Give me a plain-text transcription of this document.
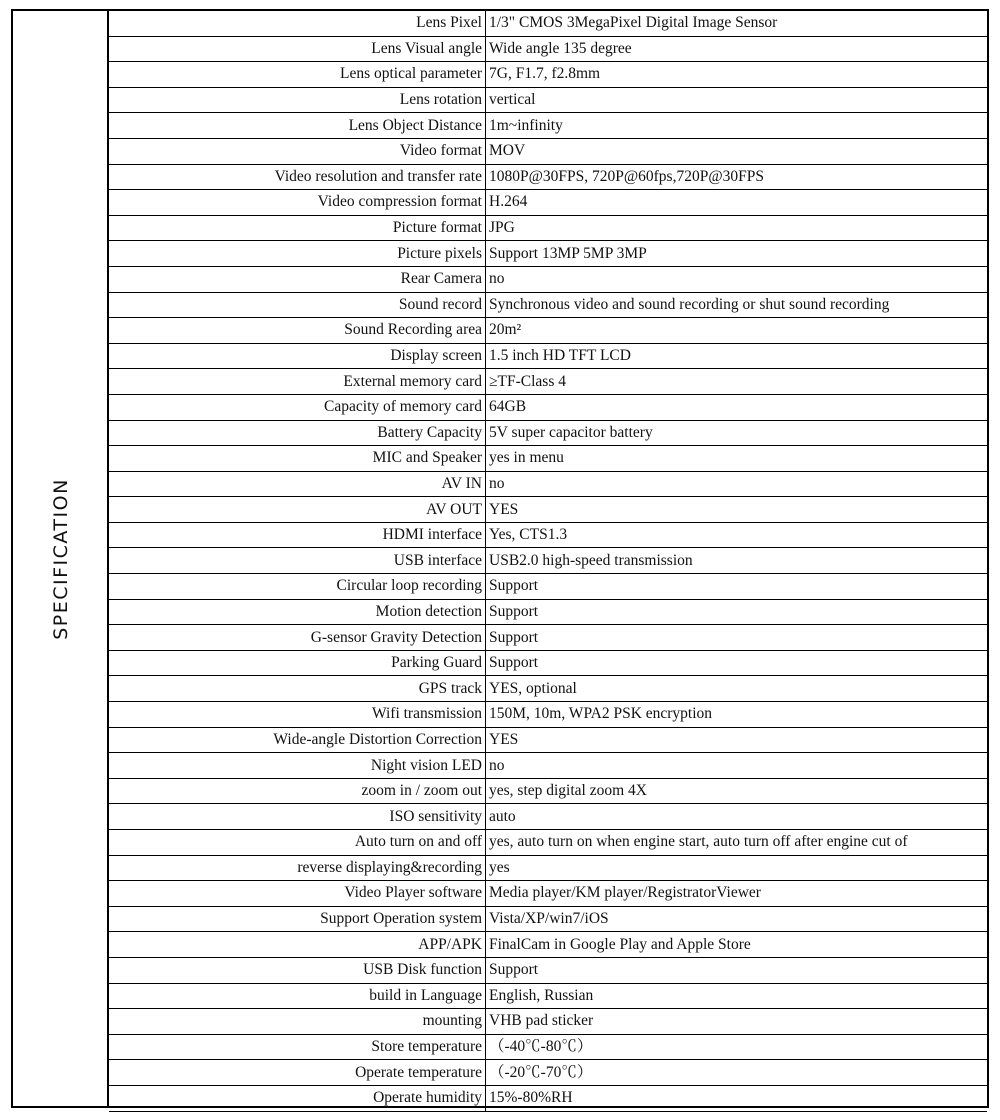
SPECIFICATION
Lens Pixel	1/3" CMOS 3MegaPixel Digital Image Sensor
Lens Visual angle	Wide angle 135 degree
Lens optical parameter	7G, F1.7, f2.8mm
Lens rotation	vertical
Lens Object Distance	1m~infinity
Video format	MOV
Video resolution and transfer rate	1080P@30FPS, 720P@60fps,720P@30FPS
Video compression format	H.264
Picture format	JPG
Picture pixels	Support 13MP 5MP 3MP
Rear Camera	no
Sound record	Synchronous video and sound recording or shut sound recording
Sound Recording area	20m²
Display screen	1.5 inch HD TFT LCD
External memory card	≥TF-Class 4
Capacity of memory card	64GB
Battery Capacity	5V super capacitor battery
MIC and Speaker	yes in menu
AV IN	no
AV OUT	YES
HDMI interface	Yes, CTS1.3
USB interface	USB2.0 high-speed transmission
Circular loop recording	Support
Motion detection	Support
G-sensor Gravity Detection	Support
Parking Guard	Support
GPS track	YES, optional
Wifi transmission	150M, 10m, WPA2 PSK encryption
Wide-angle Distortion Correction	YES
Night vision LED	no
zoom in / zoom out	yes, step digital zoom 4X
ISO sensitivity	auto
Auto turn on and off	yes, auto turn on when engine start, auto turn off after engine cut of
reverse displaying&recording	yes
Video Player software	Media player/KM player/RegistratorViewer
Support Operation system	Vista/XP/win7/iOS
APP/APK	FinalCam in Google Play and Apple Store
USB Disk function	Support
build in Language	English, Russian
mounting	VHB pad sticker
Store temperature	（-40℃-80℃）
Operate temperature	（-20℃-70℃）
Operate humidity	15%-80%RH
